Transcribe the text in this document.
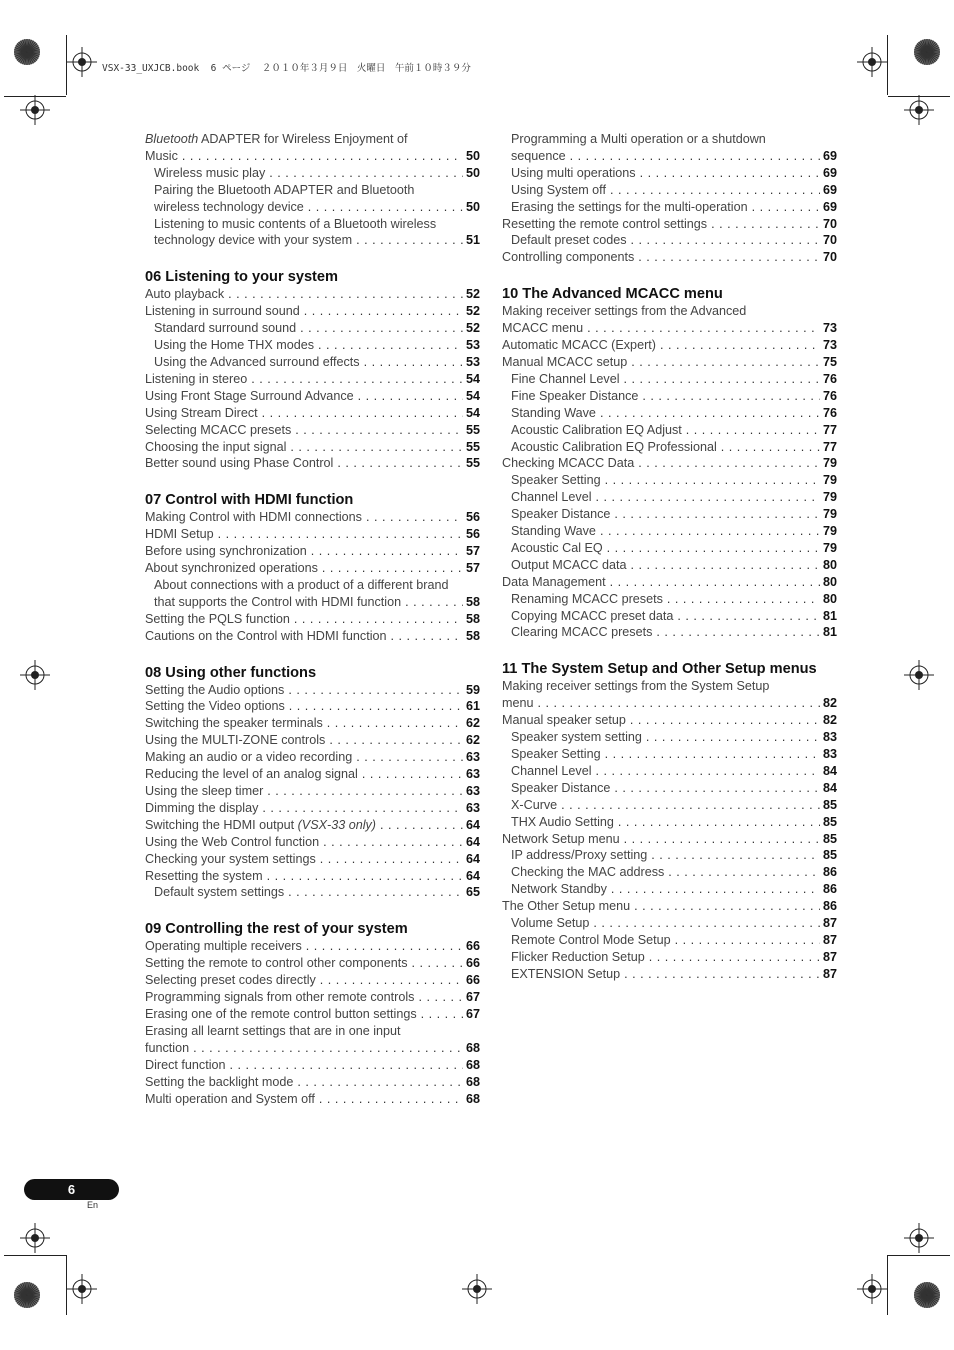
VSX-33_UXJCB.book  6 ページ  ２０１０年３月９日　火曜日　午前１０時３９分
Bluetooth ADAPTER for Wireless Enjoyment of
Music . . .	50
Wireless music play . . .	50
Pairing the Bluetooth ADAPTER and Bluetooth
wireless technology device . . .	50
Listening to music contents of a Bluetooth wireless
technology device with your system . . .	51
06 Listening to your system
Auto playback . . .	52
Listening in surround sound . . .	52
Standard surround sound . . .	52
Using the Home THX modes . . .	53
Using the Advanced surround effects . . .	53
Listening in stereo . . .	54
Using Front Stage Surround Advance . . .	54
Using Stream Direct . . .	54
Selecting MCACC presets . . .	55
Choosing the input signal . . .	55
Better sound using Phase Control . . .	55
07 Control with HDMI function
Making Control with HDMI connections . . .	56
HDMI Setup . . .	56
Before using synchronization . . .	57
About synchronized operations . . .	57
About connections with a product of a different brand
that supports the Control with HDMI function . . .	58
Setting the PQLS function . . .	58
Cautions on the Control with HDMI function . . .	58
08 Using other functions
Setting the Audio options . . .	59
Setting the Video options . . .	61
Switching the speaker terminals . . .	62
Using the MULTI-ZONE controls . . .	62
Making an audio or a video recording . . .	63
Reducing the level of an analog signal . . .	63
Using the sleep timer . . .	63
Dimming the display . . .	63
Switching the HDMI output (VSX-33 only) . . .	64
Using the Web Control function . . .	64
Checking your system settings . . .	64
Resetting the system . . .	64
Default system settings . . .	65
09 Controlling the rest of your system
Operating multiple receivers . . .	66
Setting the remote to control other components . . .	66
Selecting preset codes directly . . .	66
Programming signals from other remote controls . . .	67
Erasing one of the remote control button settings . . .	67
Erasing all learnt settings that are in one input
function . . .	68
Direct function . . .	68
Setting the backlight mode . . .	68
Multi operation and System off . . .	68
Programming a Multi operation or a shutdown
sequence . . .	69
Using multi operations . . .	69
Using System off . . .	69
Erasing the settings for the multi-operation . . .	69
Resetting the remote control settings . . .	70
Default preset codes . . .	70
Controlling components . . .	70
10 The Advanced MCACC menu
Making receiver settings from the Advanced
MCACC menu . . .	73
Automatic MCACC (Expert) . . .	73
Manual MCACC setup . . .	75
Fine Channel Level . . .	76
Fine Speaker Distance . . .	76
Standing Wave . . .	76
Acoustic Calibration EQ Adjust . . .	77
Acoustic Calibration EQ Professional . . .	77
Checking MCACC Data . . .	79
Speaker Setting . . .	79
Channel Level . . .	79
Speaker Distance . . .	79
Standing Wave . . .	79
Acoustic Cal EQ . . .	79
Output MCACC data . . .	80
Data Management . . .	80
Renaming MCACC presets . . .	80
Copying MCACC preset data . . .	81
Clearing MCACC presets . . .	81
11 The System Setup and Other Setup menus
Making receiver settings from the System Setup
menu . . .	82
Manual speaker setup . . .	82
Speaker system setting . . .	83
Speaker Setting . . .	83
Channel Level . . .	84
Speaker Distance . . .	84
X-Curve . . .	85
THX Audio Setting . . .	85
Network Setup menu . . .	85
IP address/Proxy setting . . .	85
Checking the MAC address . . .	86
Network Standby . . .	86
The Other Setup menu . . .	86
Volume Setup . . .	87
Remote Control Mode Setup . . .	87
Flicker Reduction Setup . . .	87
EXTENSION Setup . . .	87
6
En
